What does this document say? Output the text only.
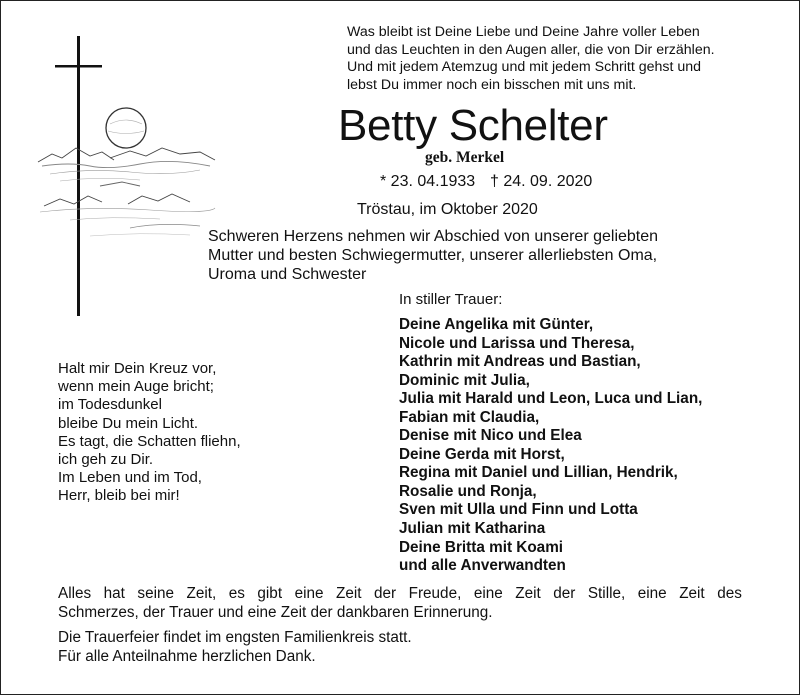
Was bleibt ist Deine Liebe und Deine Jahre voller Leben
und das Leuchten in den Augen aller, die von Dir erzählen.
Und mit jedem Atemzug und mit jedem Schritt gehst und
lebst Du immer noch ein bisschen mit uns mit.
Betty Schelter
geb. Merkel
* 23. 04.1933 † 24. 09. 2020
Tröstau, im Oktober 2020
Schweren Herzens nehmen wir Abschied von unserer geliebten
Mutter und besten Schwiegermutter, unserer allerliebsten Oma,
Uroma und Schwester
In stiller Trauer:
Deine Angelika mit Günter,
Nicole und Larissa und Theresa,
Kathrin mit Andreas und Bastian,
Dominic mit Julia,
Julia mit Harald und Leon, Luca und Lian,
Fabian mit Claudia,
Denise mit Nico und Elea
Deine Gerda mit Horst,
Regina mit Daniel und Lillian, Hendrik,
Rosalie und Ronja,
Sven mit Ulla und Finn und Lotta
Julian mit Katharina
Deine Britta mit Koami
und alle Anverwandten
Halt mir Dein Kreuz vor,
wenn mein Auge bricht;
im Todesdunkel
bleibe Du mein Licht.
Es tagt, die Schatten fliehn,
ich geh zu Dir.
Im Leben und im Tod,
Herr, bleib bei mir!
Alles hat seine Zeit, es gibt eine Zeit der Freude, eine Zeit der Stille, eine Zeit des
Schmerzes, der Trauer und eine Zeit der dankbaren Erinnerung.
Die Trauerfeier findet im engsten Familienkreis statt.
Für alle Anteilnahme herzlichen Dank.
